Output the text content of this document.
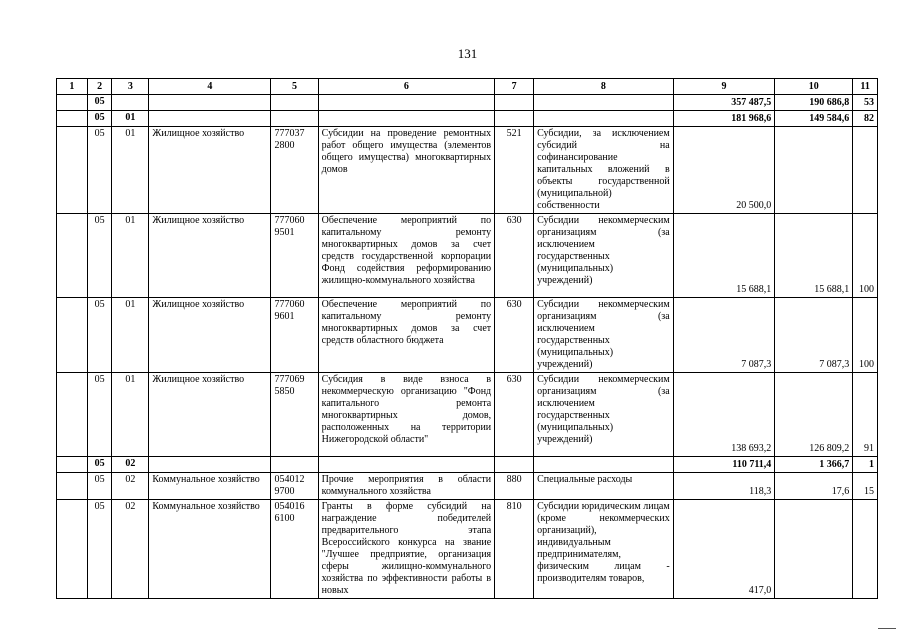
131
1	2	3	4	5	6	7	8	9	10	11
	05							357 487,5	190 686,8	53
	05	01						181 968,6	149 584,6	82
	05	01	Жилищное хозяйство	777037 2800	Субсидии на проведение ремонтных работ общего имущества (элементов общего имущества) многоквартирных домов	521	Субсидии, за исключением субсидий на софинансирование капитальных вложений в объекты государственной (муниципальной) собственности	20 500,0		
	05	01	Жилищное хозяйство	777060 9501	Обеспечение мероприятий по капитальному ремонту многоквартирных домов за счет средств государственной корпорации Фонд содействия реформированию жилищно-коммунального хозяйства	630	Субсидии некоммерческим организациям (за исключением государственных (муниципальных) учреждений)	15 688,1	15 688,1	100
	05	01	Жилищное хозяйство	777060 9601	Обеспечение мероприятий по капитальному ремонту многоквартирных домов за счет средств областного бюджета	630	Субсидии некоммерческим организациям (за исключением государственных (муниципальных) учреждений)	7 087,3	7 087,3	100
	05	01	Жилищное хозяйство	777069 5850	Субсидия в виде взноса в некоммерческую организацию "Фонд капитального ремонта многоквартирных домов, расположенных на территории Нижегородской области"	630	Субсидии некоммерческим организациям (за исключением государственных (муниципальных) учреждений)	138 693,2	126 809,2	91
	05	02						110 711,4	1 366,7	1
	05	02	Коммунальное хозяйство	054012 9700	Прочие мероприятия в области коммунального хозяйства	880	Специальные расходы	118,3	17,6	15
	05	02	Коммунальное хозяйство	054016 6100	Гранты в форме субсидий на награждение победителей предварительного этапа Всероссийского конкурса на звание "Лучшее предприятие, организация сферы жилищно-коммунального хозяйства по эффективности работы в новых	810	Субсидии юридическим лицам (кроме некоммерческих организаций), индивидуальным предпринимателям, физическим лицам - производителям товаров,	417,0		
